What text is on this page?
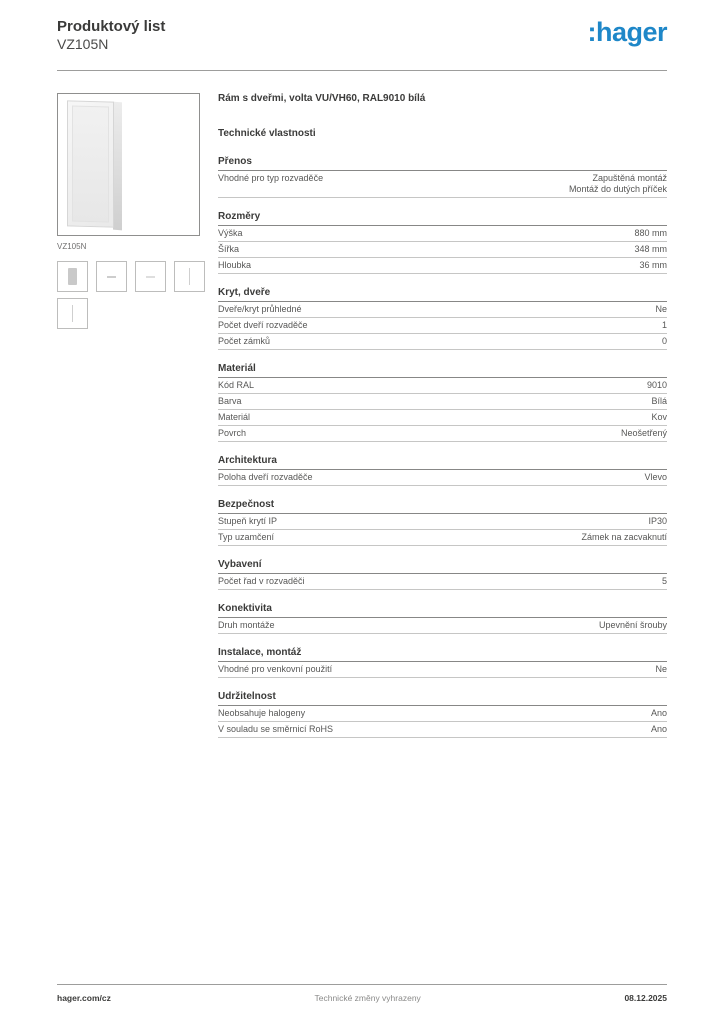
Produktový list
VZ105N	:hager
VZ105N
Rám s dveřmi, volta VU/VH60, RAL9010 bílá
Technické vlastnosti
Přenos
Vhodné pro typ rozvaděče	Zapuštěná montáž
Montáž do dutých příček
Rozměry
Výška	880 mm
Šířka	348 mm
Hloubka	36 mm
Kryt, dveře
Dveře/kryt průhledné	Ne
Počet dveří rozvaděče	1
Počet zámků	0
Materiál
Kód RAL	9010
Barva	Bílá
Materiál	Kov
Povrch	Neošetřený
Architektura
Poloha dveří rozvaděče	Vlevo
Bezpečnost
Stupeň krytí IP	IP30
Typ uzamčení	Zámek na zacvaknutí
Vybavení
Počet řad v rozvaděči	5
Konektivita
Druh montáže	Upevnění šrouby
Instalace, montáž
Vhodné pro venkovní použití	Ne
Udržitelnost
Neobsahuje halogeny	Ano
V souladu se směrnicí RoHS	Ano
hager.com/cz	Technické změny vyhrazeny	08.12.2025
